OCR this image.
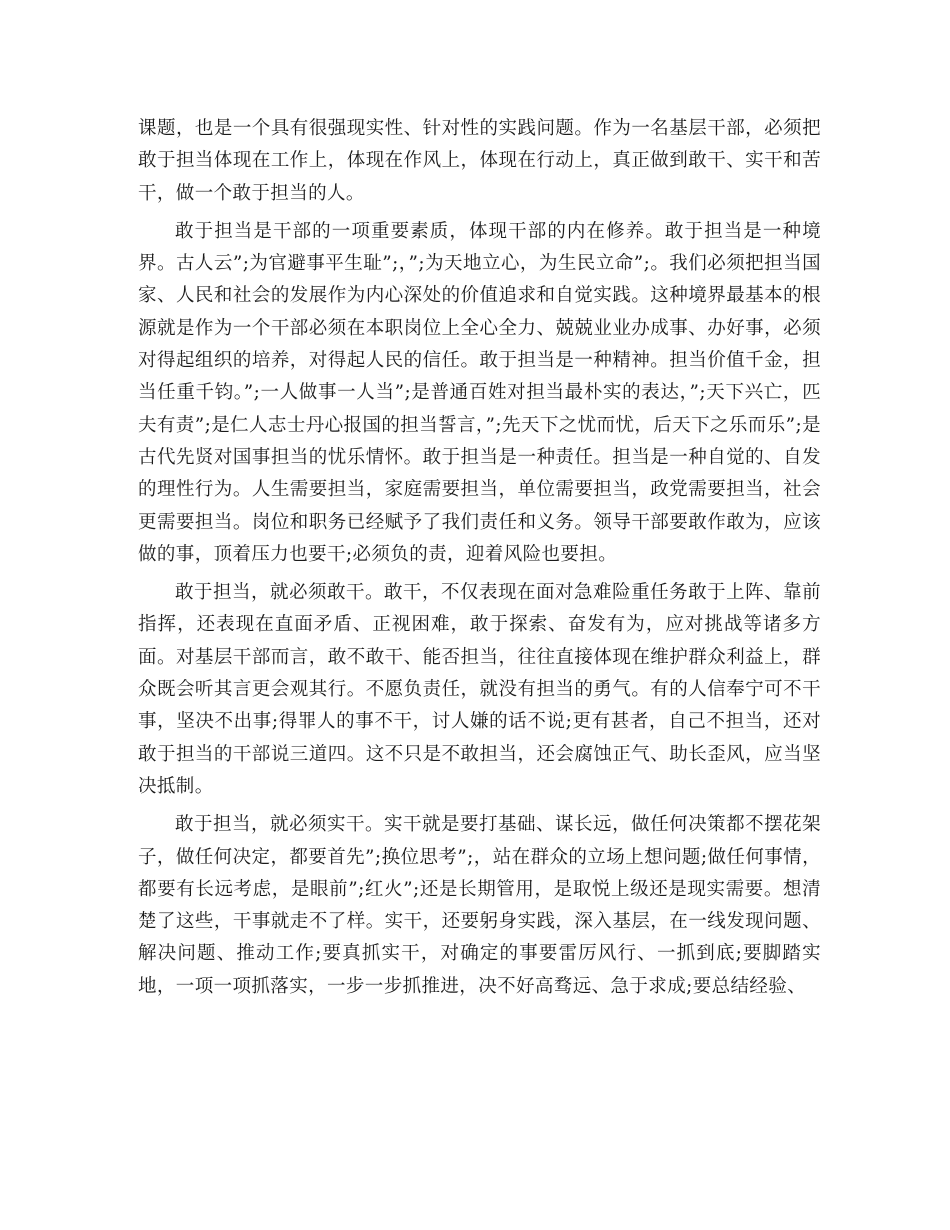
课题，也是一个具有很强现实性、针对性的实践问题。作为一名基层干部，必须把敢于担当体现在工作上，体现在作风上，体现在行动上，真正做到敢干、实干和苦干，做一个敢于担当的人。

敢于担当是干部的一项重要素质，体现干部的内在修养。敢于担当是一种境界。古人云”;为官避事平生耻”;，”;为天地立心，为生民立命”;。我们必须把担当国家、人民和社会的发展作为内心深处的价值追求和自觉实践。这种境界最基本的根源就是作为一个干部必须在本职岗位上全心全力、兢兢业业办成事、办好事，必须对得起组织的培养，对得起人民的信任。敢于担当是一种精神。担当价值千金，担当任重千钧。”;一人做事一人当”;是普通百姓对担当最朴实的表达，”;天下兴亡，匹夫有责”;是仁人志士丹心报国的担当誓言，”;先天下之忧而忧，后天下之乐而乐”;是古代先贤对国事担当的忧乐情怀。敢于担当是一种责任。担当是一种自觉的、自发的理性行为。人生需要担当，家庭需要担当，单位需要担当，政党需要担当，社会更需要担当。岗位和职务已经赋予了我们责任和义务。领导干部要敢作敢为，应该做的事，顶着压力也要干;必须负的责，迎着风险也要担。

敢于担当，就必须敢干。敢干，不仅表现在面对急难险重任务敢于上阵、靠前指挥，还表现在直面矛盾、正视困难，敢于探索、奋发有为，应对挑战等诸多方面。对基层干部而言，敢不敢干、能否担当，往往直接体现在维护群众利益上，群众既会听其言更会观其行。不愿负责任，就没有担当的勇气。有的人信奉宁可不干事，坚决不出事;得罪人的事不干，讨人嫌的话不说;更有甚者，自己不担当，还对敢于担当的干部说三道四。这不只是不敢担当，还会腐蚀正气、助长歪风，应当坚决抵制。

敢于担当，就必须实干。实干就是要打基础、谋长远，做任何决策都不摆花架子，做任何决定，都要首先”;换位思考”;，站在群众的立场上想问题;做任何事情，都要有长远考虑，是眼前”;红火”;还是长期管用，是取悦上级还是现实需要。想清楚了这些，干事就走不了样。实干，还要躬身实践，深入基层，在一线发现问题、解决问题、推动工作;要真抓实干，对确定的事要雷厉风行、一抓到底;要脚踏实地，一项一项抓落实，一步一步抓推进，决不好高骛远、急于求成;要总结经验、
